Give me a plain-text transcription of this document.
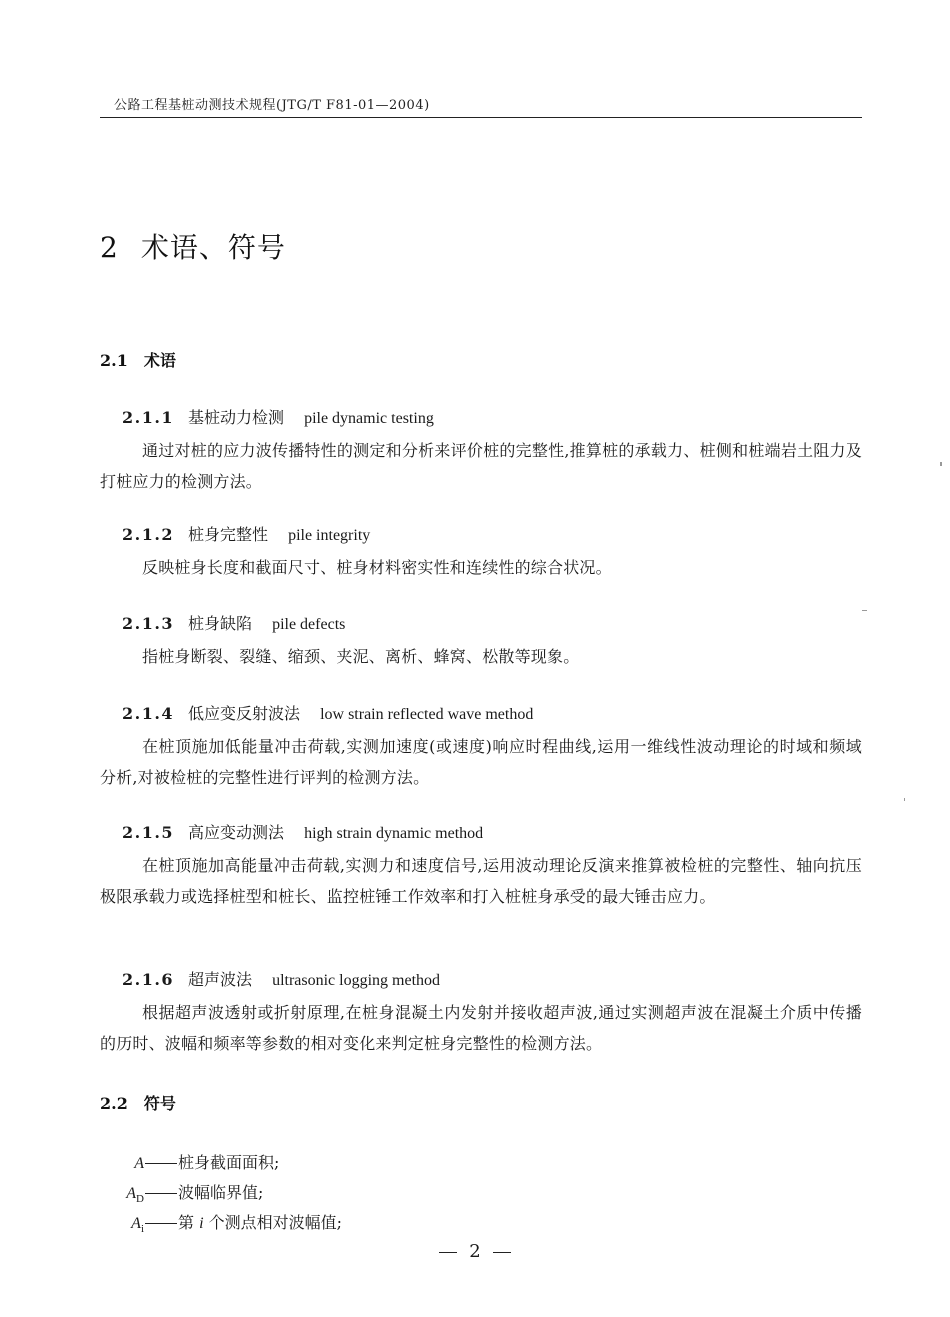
公路工程基桩动测技术规程(JTG/T F81-01—2004)
2 术语、符号
2.1 术语
2.1.1 基桩动力检测 pile dynamic testing
通过对桩的应力波传播特性的测定和分析来评价桩的完整性,推算桩的承载力、桩侧和桩端岩土阻力及打桩应力的检测方法。
2.1.2 桩身完整性 pile integrity
反映桩身长度和截面尺寸、桩身材料密实性和连续性的综合状况。
2.1.3 桩身缺陷 pile defects
指桩身断裂、裂缝、缩颈、夹泥、离析、蜂窝、松散等现象。
2.1.4 低应变反射波法 low strain reflected wave method
在桩顶施加低能量冲击荷载,实测加速度(或速度)响应时程曲线,运用一维线性波动理论的时域和频域分析,对被检桩的完整性进行评判的检测方法。
2.1.5 高应变动测法 high strain dynamic method
在桩顶施加高能量冲击荷载,实测力和速度信号,运用波动理论反演来推算被检桩的完整性、轴向抗压极限承载力或选择桩型和桩长、监控桩锤工作效率和打入桩桩身承受的最大锤击应力。
2.1.6 超声波法 ultrasonic logging method
根据超声波透射或折射原理,在桩身混凝土内发射并接收超声波,通过实测超声波在混凝土介质中传播的历时、波幅和频率等参数的相对变化来判定桩身完整性的检测方法。
2.2 符号
A 桩身截面面积;
$A_D$ 波幅临界值;
$A_i$ 第 i 个测点相对波幅值;
2
